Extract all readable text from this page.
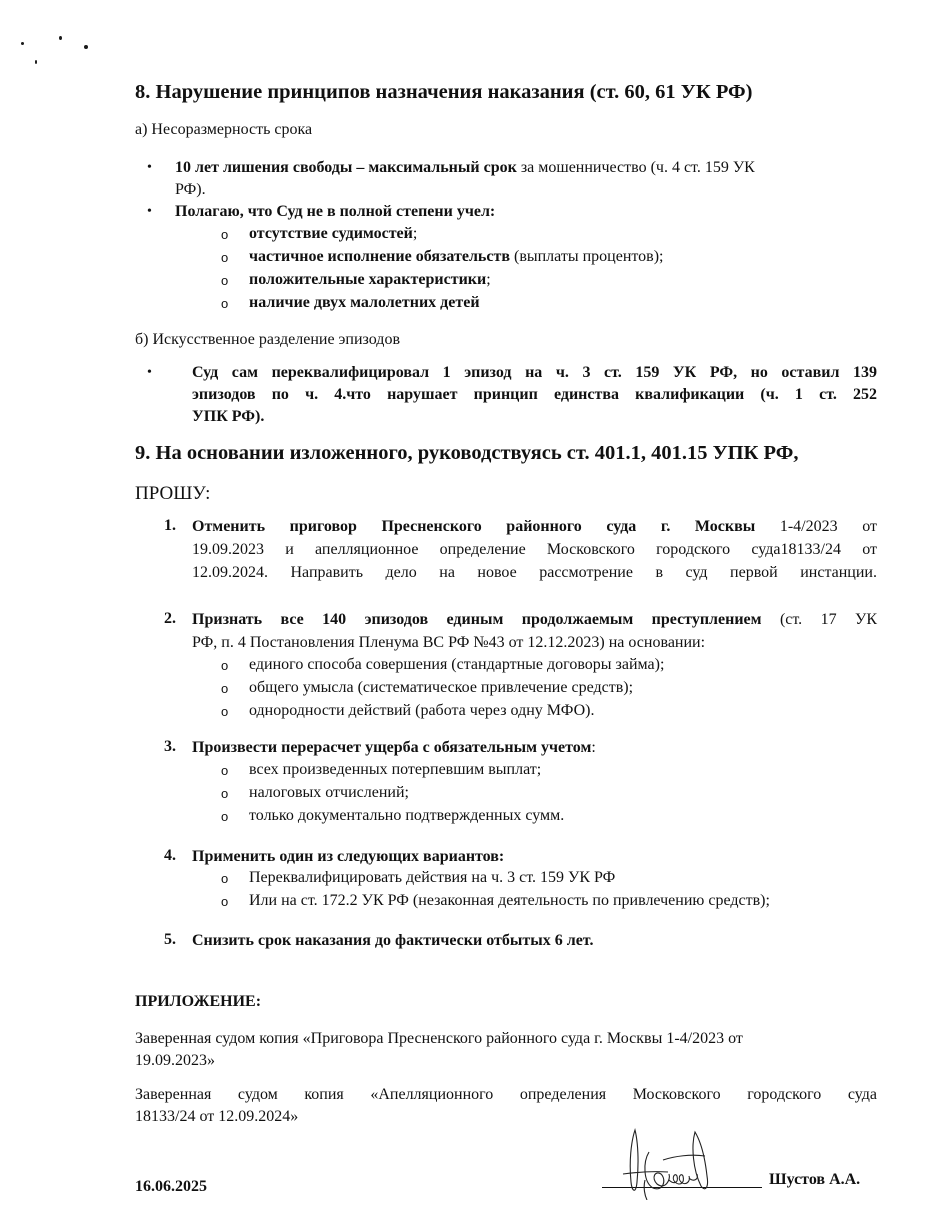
8. Нарушение принципов назначения наказания (ст. 60, 61 УК РФ)
а) Несоразмерность срока
• 10 лет лишения свободы – максимальный срок за мошенничество (ч. 4 ст. 159 УК
РФ).
• Полагаю, что Суд не в полной степени учел:
o отсутствие судимостей;
o частичное исполнение обязательств (выплаты процентов);
o положительные характеристики;
o наличие двух малолетних детей
б) Искусственное разделение эпизодов
•	Суд сам переквалифицировал 1 эпизод на ч. 3 ст. 159 УК РФ, но оставил 139
эпизодов по ч. 4.что нарушает принцип единства квалификации (ч. 1 ст. 252
УПК РФ).
9. На основании изложенного, руководствуясь ст. 401.1, 401.15 УПК РФ,
ПРОШУ:
1. Отменить приговор Пресненского районного суда г. Москвы 1-4/2023 от
19.09.2023 и апелляционное определение Московского городского суда18133/24 от
12.09.2024. Направить дело на новое рассмотрение в суд первой инстанции.
2. Признать все 140 эпизодов единым продолжаемым преступлением (ст. 17 УК
РФ, п. 4 Постановления Пленума ВС РФ №43 от 12.12.2023) на основании:
o единого способа совершения (стандартные договоры займа);
o общего умысла (систематическое привлечение средств);
o однородности действий (работа через одну МФО).
3. Произвести перерасчет ущерба с обязательным учетом:
o всех произведенных потерпевшим выплат;
o налоговых отчислений;
o только документально подтвержденных сумм.
4. Применить один из следующих вариантов:
o Переквалифицировать действия на ч. 3 ст. 159 УК РФ
o Или на ст. 172.2 УК РФ (незаконная деятельность по привлечению средств);
5. Снизить срок наказания до фактически отбытых 6 лет.
ПРИЛОЖЕНИЕ:
Заверенная судом копия «Приговора Пресненского районного суда г. Москвы 1-4/2023 от
19.09.2023»
Заверенная судом копия «Апелляционного определения Московского городского суда
18133/24 от 12.09.2024»
16.06.2025	Шустов А.А.
